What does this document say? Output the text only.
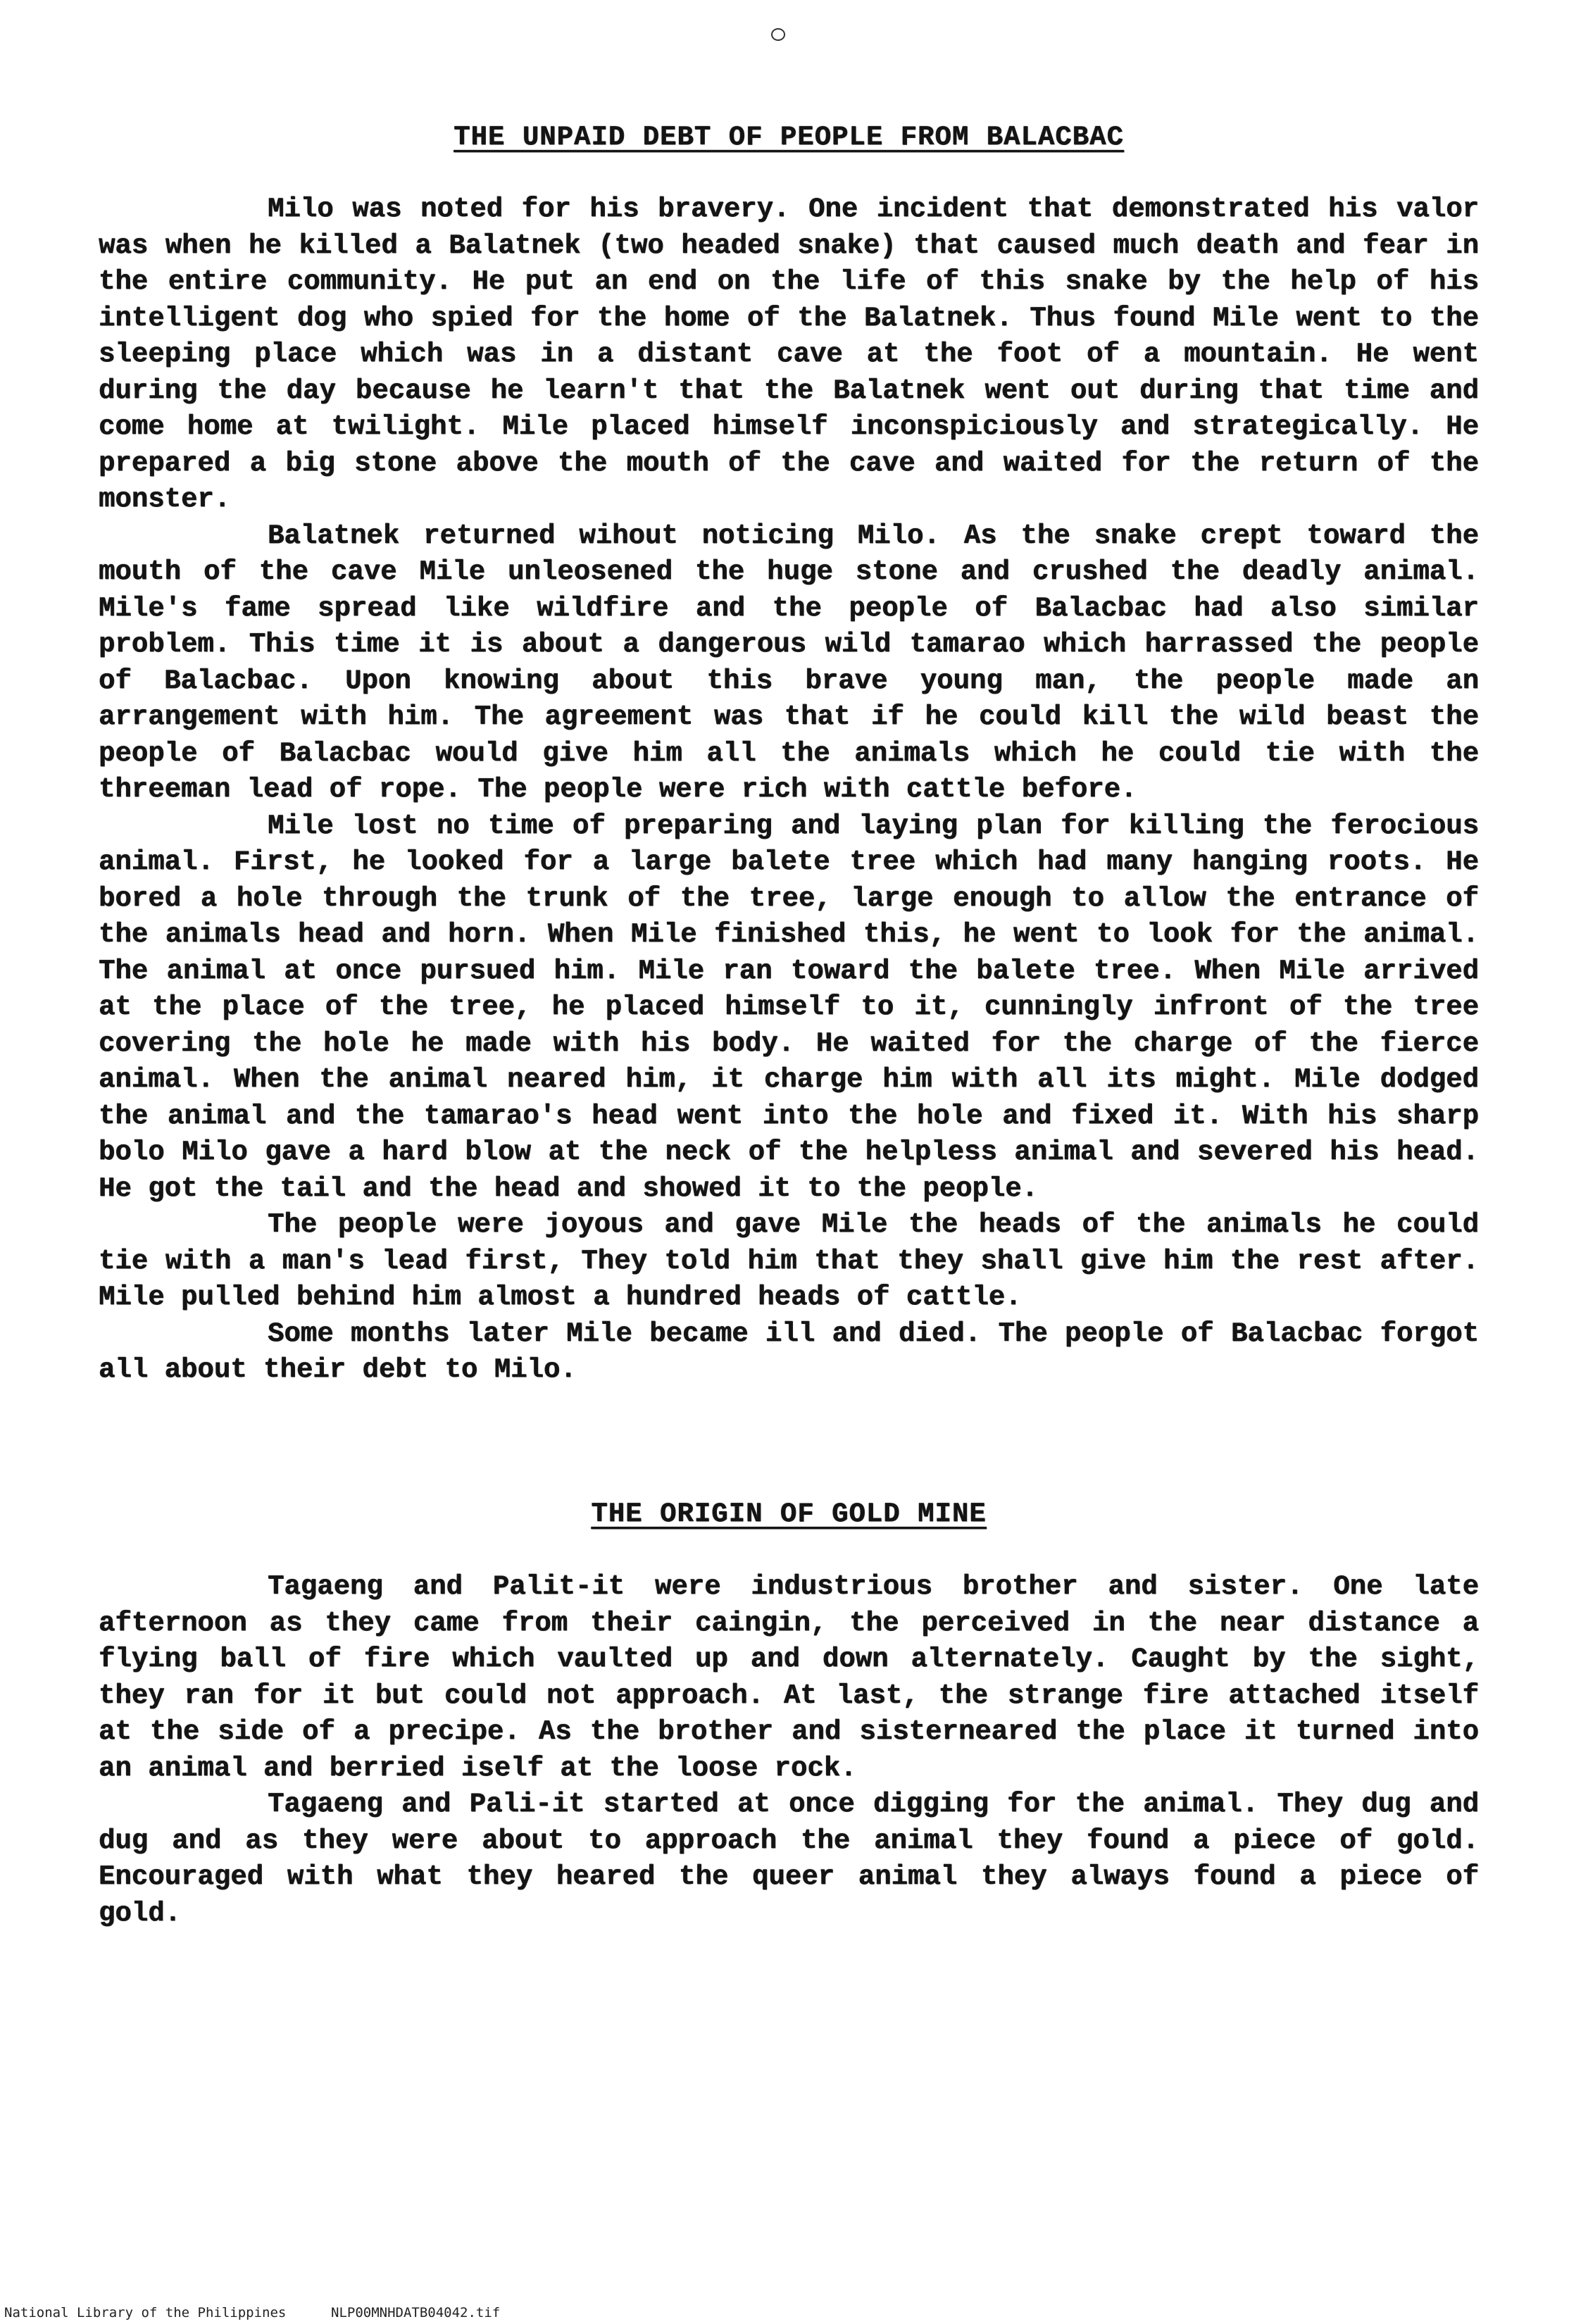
THE UNPAID DEBT OF PEOPLE FROM BALACBAC

Milo was noted for his bravery. One incident that demonstrated his valor was when he killed a Balatnek (two headed snake) that caused much death and fear in the entire community. He put an end on the life of this snake by the help of his intelligent dog who spied for the home of the Balatnek. Thus found Mile went to the sleeping place which was in a distant cave at the foot of a mountain. He went during the day because he learn't that the Balatnek went out during that time and come home at twilight. Mile placed himself inconspiciously and strategically. He prepared a big stone above the mouth of the cave and waited for the return of the monster.

Balatnek returned wihout noticing Milo. As the snake crept toward the mouth of the cave Mile unleosened the huge stone and crushed the deadly animal. Mile's fame spread like wildfire and the people of Balacbac had also similar problem. This time it is about a dangerous wild tamarao which harrassed the people of Balacbac. Upon knowing about this brave young man, the people made an arrangement with him. The agreement was that if he could kill the wild beast the people of Balacbac would give him all the animals which he could tie with the threeman lead of rope. The people were rich with cattle before.

Mile lost no time of preparing and laying plan for killing the ferocious animal. First, he looked for a large balete tree which had many hanging roots. He bored a hole through the trunk of the tree, large enough to allow the entrance of the animals head and horn. When Mile finished this, he went to look for the animal. The animal at once pursued him. Mile ran toward the balete tree. When Mile arrived at the place of the tree, he placed himself to it, cunningly infront of the tree covering the hole he made with his body. He waited for the charge of the fierce animal. When the animal neared him, it charge him with all its might. Mile dodged the animal and the tamarao's head went into the hole and fixed it. With his sharp bolo Milo gave a hard blow at the neck of the helpless animal and severed his head. He got the tail and the head and showed it to the people.

The people were joyous and gave Mile the heads of the animals he could tie with a man's lead first, They told him that they shall give him the rest after. Mile pulled behind him almost a hundred heads of cattle.

Some months later Mile became ill and died. The people of Balacbac forgot all about their debt to Milo.

THE ORIGIN OF GOLD MINE

Tagaeng and Palit-it were industrious brother and sister. One late afternoon as they came from their caingin, the perceived in the near distance a flying ball of fire which vaulted up and down alternately. Caught by the sight, they ran for it but could not approach. At last, the strange fire attached itself at the side of a precipe. As the brother and sisterneared the place it turned into an animal and berried iself at the loose rock.

Tagaeng and Pali-it started at once digging for the animal. They dug and dug and as they were about to approach the animal they found a piece of gold. Encouraged with what they heared the queer animal they always found a piece of gold.

National Library of the Philippines	NLP00MNHDATB04042.tif
